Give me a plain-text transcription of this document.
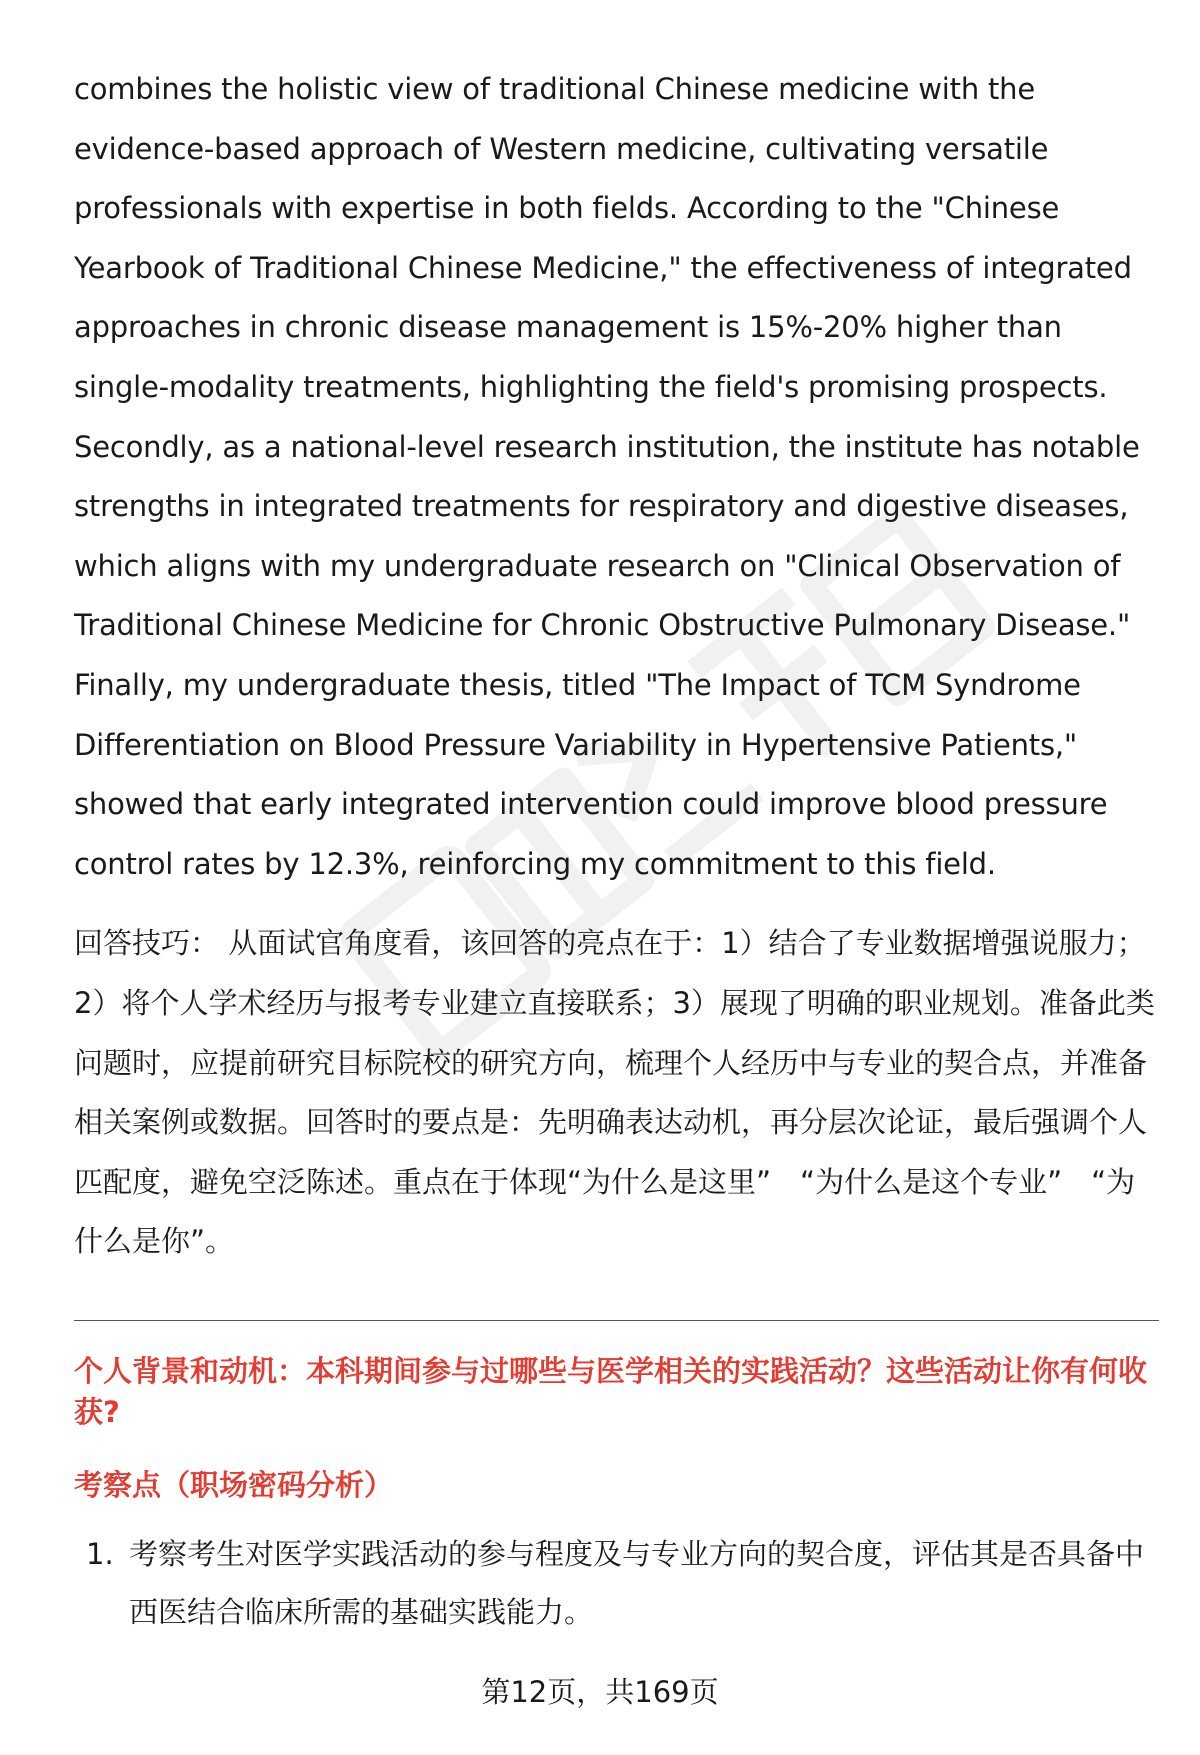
combines the holistic view of traditional Chinese medicine with the evidence-based approach of Western medicine, cultivating versatile professionals with expertise in both fields. According to the "Chinese Yearbook of Traditional Chinese Medicine," the effectiveness of integrated approaches in chronic disease management is 15%-20% higher than single-modality treatments, highlighting the field's promising prospects. Secondly, as a national-level research institution, the institute has notable strengths in integrated treatments for respiratory and digestive diseases, which aligns with my undergraduate research on "Clinical Observation of Traditional Chinese Medicine for Chronic Obstructive Pulmonary Disease." Finally, my undergraduate thesis, titled "The Impact of TCM Syndrome Differentiation on Blood Pressure Variability in Hypertensive Patients," showed that early integrated intervention could improve blood pressure control rates by 12.3%, reinforcing my commitment to this field.

回答技巧： 从面试官角度看，该回答的亮点在于：1）结合了专业数据增强说服力；2）将个人学术经历与报考专业建立直接联系；3）展现了明确的职业规划。准备此类问题时，应提前研究目标院校的研究方向，梳理个人经历中与专业的契合点，并准备相关案例或数据。回答时的要点是：先明确表达动机，再分层次论证，最后强调个人匹配度，避免空泛陈述。重点在于体现“为什么是这里”　“为什么是这个专业”　“为什么是你”。

个人背景和动机：本科期间参与过哪些与医学相关的实践活动？这些活动让你有何收获?
考察点（职场密码分析）
1. 考察考生对医学实践活动的参与程度及与专业方向的契合度，评估其是否具备中西医结合临床所需的基础实践能力。
第12页，共169页
